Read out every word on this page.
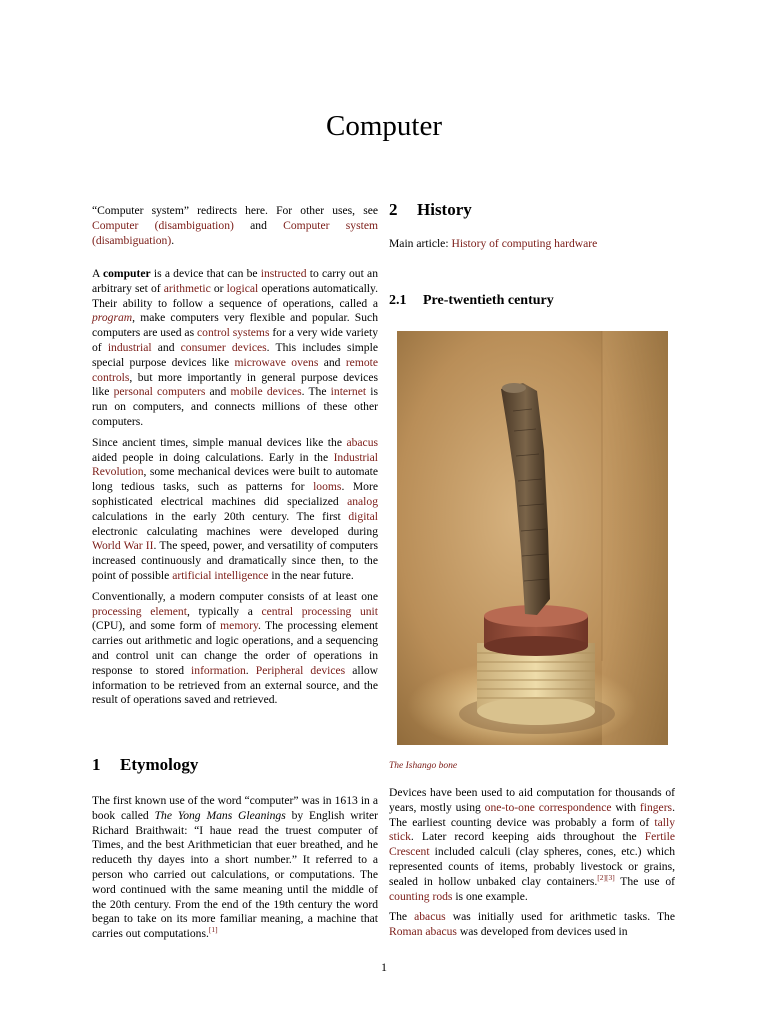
Computer

“Computer system” redirects here. For other uses, see Computer (disambiguation) and Computer system (disambiguation).

A computer is a device that can be instructed to carry out an arbitrary set of arithmetic or logical operations automatically. Their ability to follow a sequence of operations, called a program, make computers very flexible and popular. Such computers are used as control systems for a very wide variety of industrial and consumer devices. This includes simple special purpose devices like microwave ovens and remote controls, but more importantly in general purpose devices like personal computers and mobile devices. The internet is run on computers, and connects millions of these other computers.

Since ancient times, simple manual devices like the abacus aided people in doing calculations. Early in the Industrial Revolution, some mechanical devices were built to automate long tedious tasks, such as patterns for looms. More sophisticated electrical machines did specialized analog calculations in the early 20th century. The first digital electronic calculating machines were developed during World War II. The speed, power, and versatility of computers increased continuously and dramatically since then, to the point of possible artificial intelligence in the near future.

Conventionally, a modern computer consists of at least one processing element, typically a central processing unit (CPU), and some form of memory. The processing element carries out arithmetic and logic operations, and a sequencing and control unit can change the order of operations in response to stored information. Peripheral devices allow information to be retrieved from an external source, and the result of operations saved and retrieved.

1 Etymology

The first known use of the word “computer” was in 1613 in a book called The Yong Mans Gleanings by English writer Richard Braithwait: “I haue read the truest computer of Times, and the best Arithmetician that euer breathed, and he reduceth thy dayes into a short number.” It referred to a person who carried out calculations, or computations. The word continued with the same meaning until the middle of the 20th century. From the end of the 19th century the word began to take on its more familiar meaning, a machine that carries out computations.[1]

2 History

Main article: History of computing hardware

2.1 Pre-twentieth century
The Ishango bone

Devices have been used to aid computation for thousands of years, mostly using one-to-one correspondence with fingers. The earliest counting device was probably a form of tally stick. Later record keeping aids throughout the Fertile Crescent included calculi (clay spheres, cones, etc.) which represented counts of items, probably livestock or grains, sealed in hollow unbaked clay containers.[2][3] The use of counting rods is one example.

The abacus was initially used for arithmetic tasks. The Roman abacus was developed from devices used in

1
